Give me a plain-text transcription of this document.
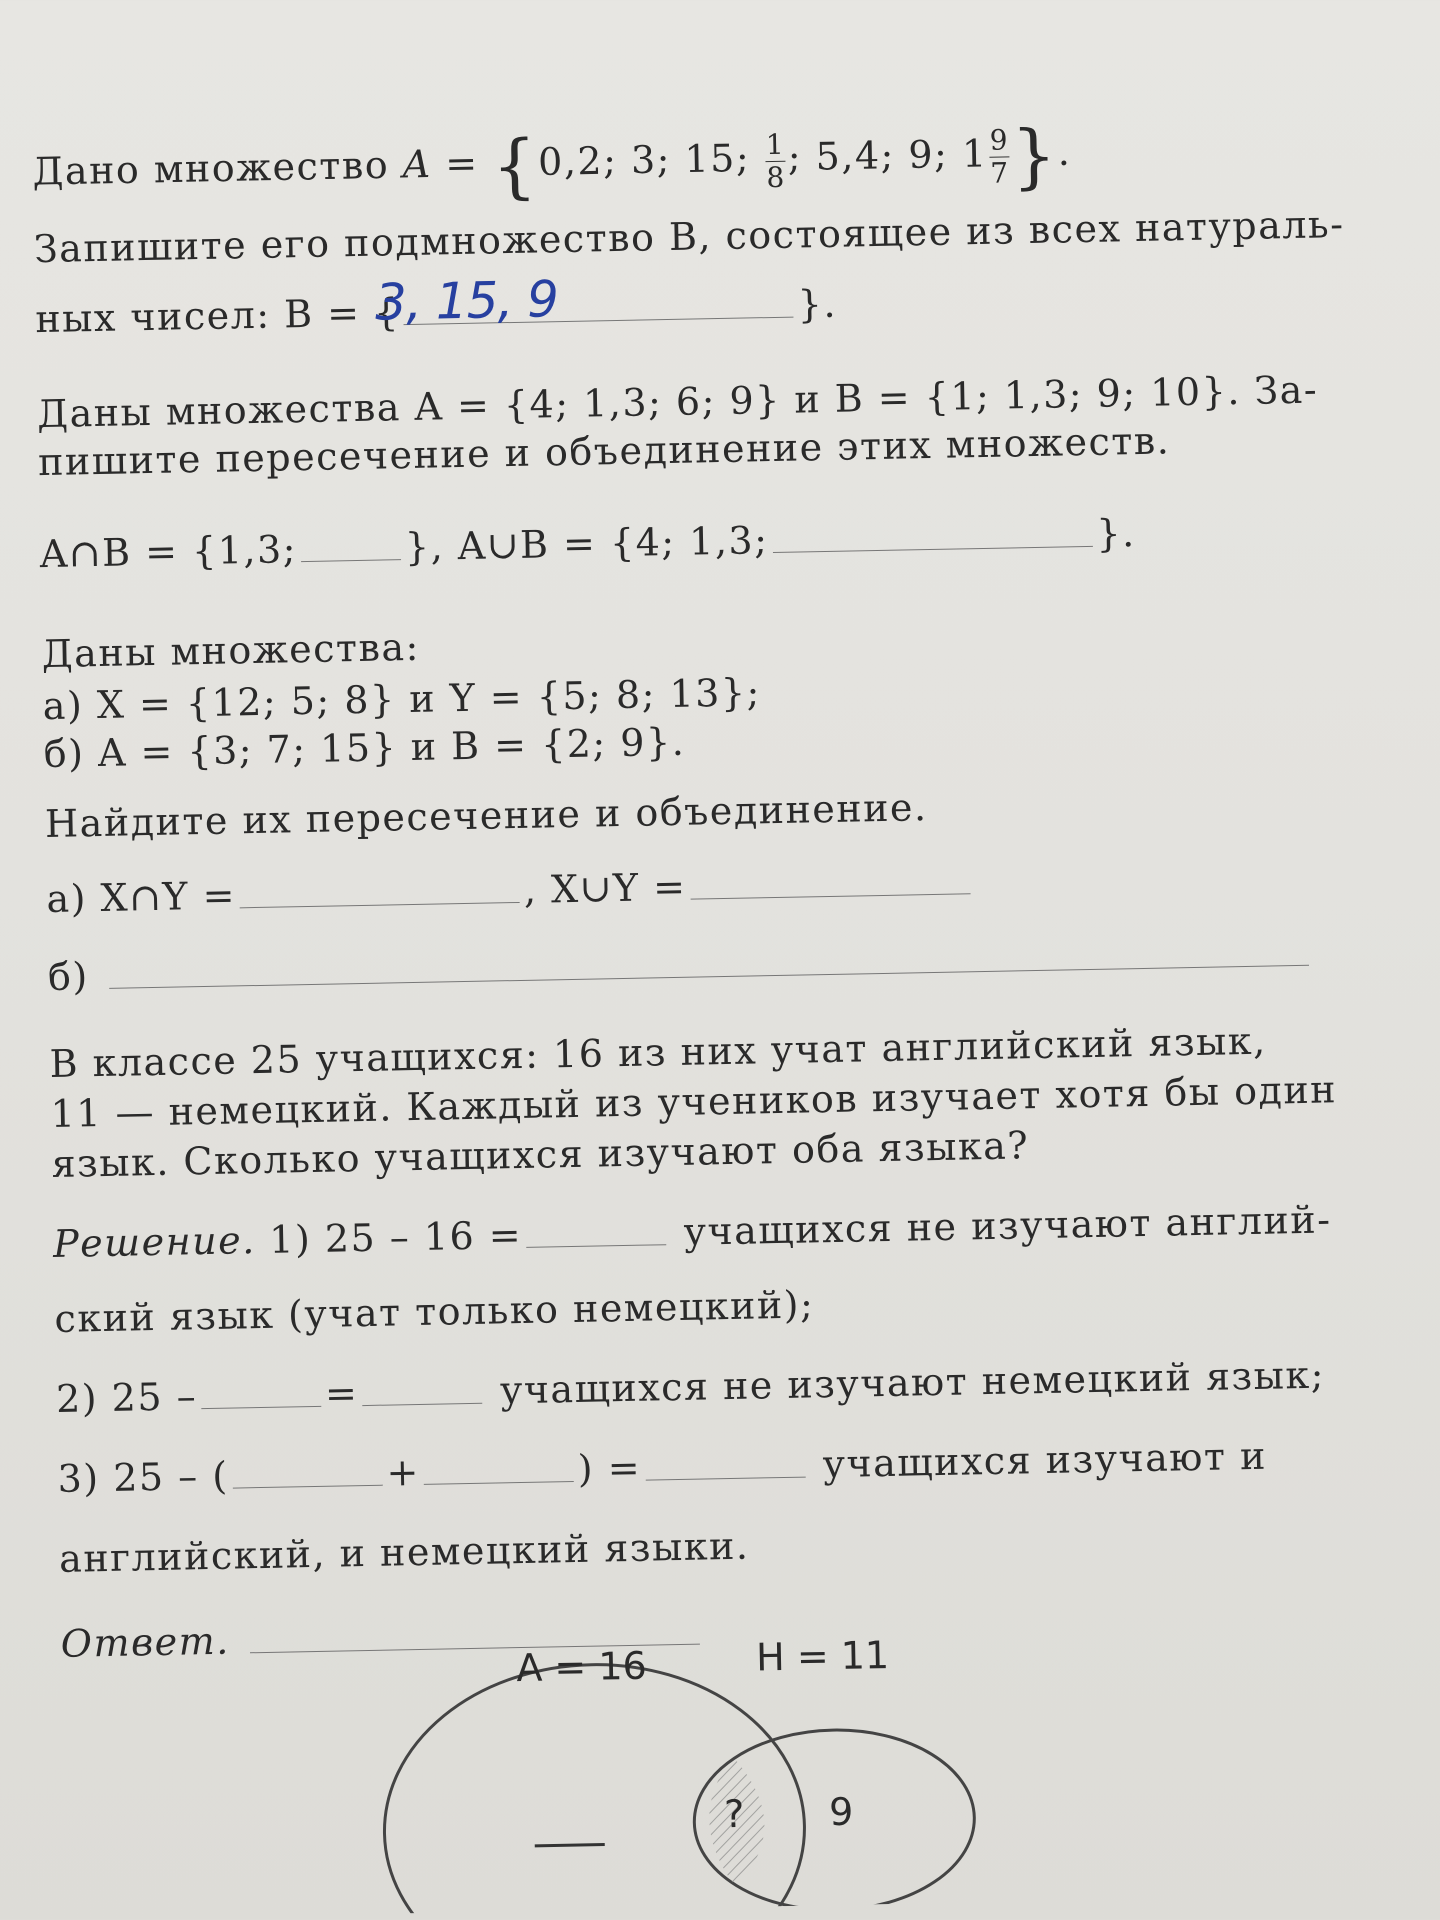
Дано множество A = {0,2; 3; 15; $\frac{1}{8}$ ; 5,4; 9; $1 \frac{9}{7}$ }.
Запишите его подмножество B, состоящее из всех натураль-
ных чисел: B = {	}.
3, 15, 9
Даны множества A = {4; 1,3; 6; 9} и B = {1; 1,3; 9; 10}. За-
пишите пересечение и объединение этих множеств.
A∩B = {1,3;	}, A∪B = {4; 1,3;	}.
Даны множества:
а) X = {12; 5; 8} и Y = {5; 8; 13};
б) A = {3; 7; 15} и B = {2; 9}.
Найдите их пересечение и объединение.
а) X∩Y =	, X∪Y =
б)
В классе 25 учащихся: 16 из них учат английский язык,
11 — немецкий. Каждый из учеников изучает хотя бы один
язык. Сколько учащихся изучают оба языка?
Решение. 1) 25 – 16 =	учащихся не изучают англий-
ский язык (учат только немецкий);
2) 25 –	=	учащихся не изучают немецкий язык;
3) 25 – (	+	) =	учащихся изучают и
английский, и немецкий языки.
Ответ.
A = 16	Н = 11
? 9
